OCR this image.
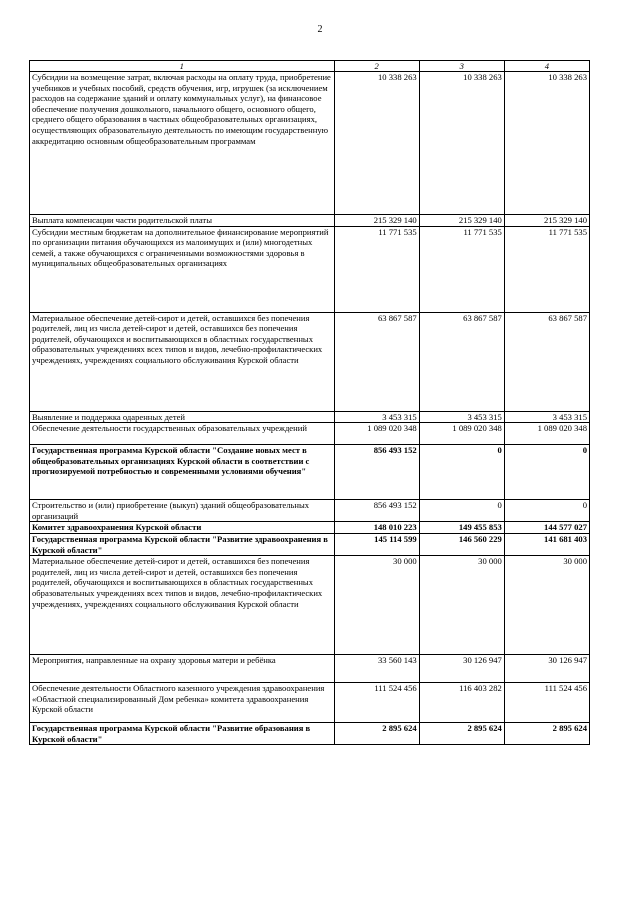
2
1	2	3	4
Субсидии на возмещение затрат, включая расходы на оплату труда, приобретение учебников и учебных пособий, средств обучения, игр, игрушек (за исключением расходов на содержание зданий и оплату коммунальных услуг), на финансовое обеспечение получения дошкольного, начального общего, основного общего, среднего общего образования в частных общеобразовательных организациях, осуществляющих образовательную деятельность по имеющим государственную аккредитацию основным общеобразовательным программам	10 338 263	10 338 263	10 338 263
Выплата компенсации части родительской платы	215 329 140	215 329 140	215 329 140
Субсидии местным бюджетам на дополнительное финансирование мероприятий по организации питания обучающихся из малоимущих и (или) многодетных семей, а также обучающихся с ограниченными возможностями здоровья в муниципальных общеобразовательных организациях	11 771 535	11 771 535	11 771 535
Материальное обеспечение детей-сирот и детей, оставшихся без попечения родителей, лиц из числа детей-сирот и детей, оставшихся без попечения родителей, обучающихся и воспитывающихся в областных государственных образовательных учреждениях всех типов и видов, лечебно-профилактических учреждениях, учреждениях социального обслуживания Курской области	63 867 587	63 867 587	63 867 587
Выявление и поддержка одаренных детей	3 453 315	3 453 315	3 453 315
Обеспечение деятельности государственных образовательных учреждений	1 089 020 348	1 089 020 348	1 089 020 348
Государственная программа Курской области "Создание новых мест в общеобразовательных организациях Курской области в соответствии с прогнозируемой потребностью и современными условиями обучения"	856 493 152	0	0
Строительство и (или) приобретение (выкуп) зданий общеобразовательных организаций	856 493 152	0	0
Комитет здравоохранения Курской области	148 010 223	149 455 853	144 577 027
Государственная программа Курской области "Развитие здравоохранения в Курской области"	145 114 599	146 560 229	141 681 403
Материальное обеспечение детей-сирот и детей, оставшихся без попечения родителей, лиц из числа детей-сирот и детей, оставшихся без попечения родителей, обучающихся и воспитывающихся в областных государственных образовательных учреждениях всех типов и видов, лечебно-профилактических учреждениях, учреждениях социального обслуживания Курской области	30 000	30 000	30 000
Мероприятия, направленные на охрану здоровья матери и ребёнка	33 560 143	30 126 947	30 126 947
Обеспечение деятельности Областного казенного учреждения здравоохранения «Областной специализированный Дом ребенка» комитета здравоохранения Курской области	111 524 456	116 403 282	111 524 456
Государственная программа Курской области "Развитие образования в Курской области"	2 895 624	2 895 624	2 895 624
